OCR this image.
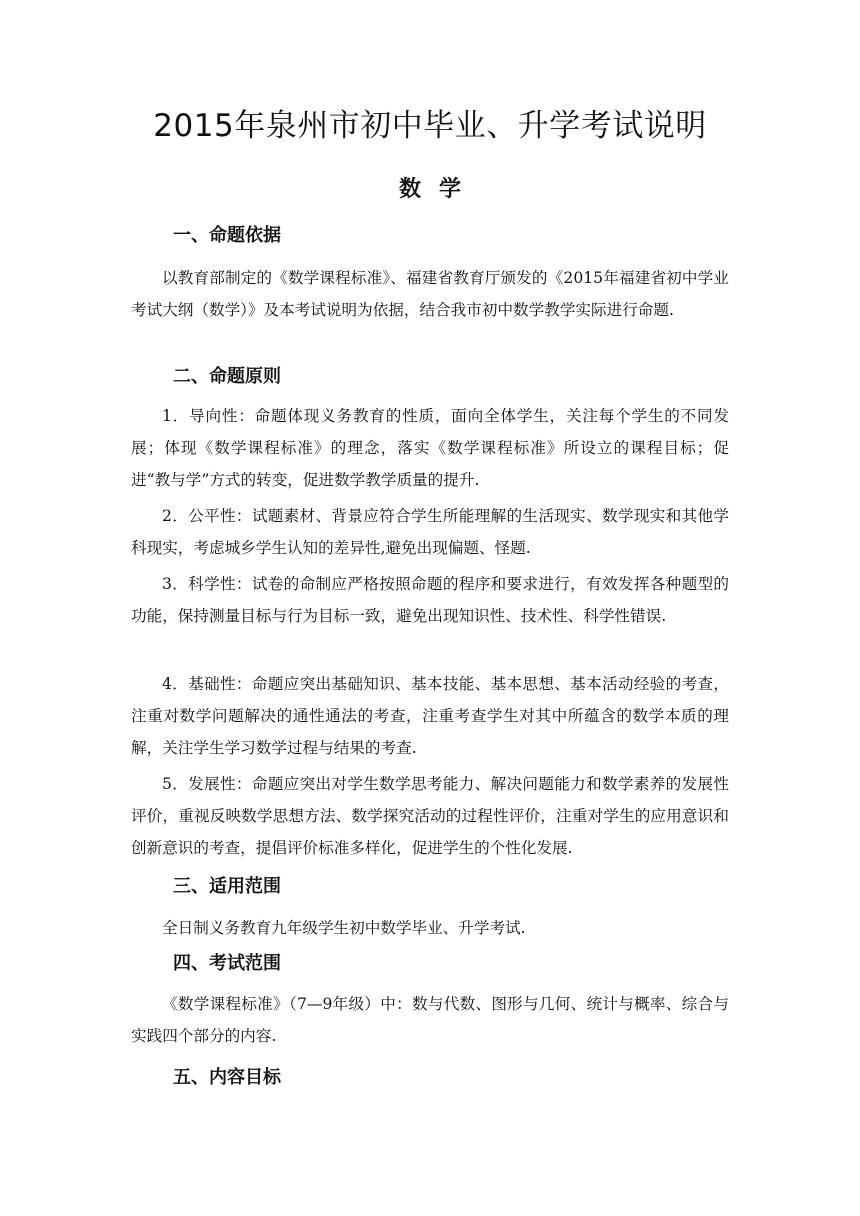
2015年泉州市初中毕业、升学考试说明
数学
一、命题依据

以教育部制定的《数学课程标准》、福建省教育厅颁发的《2015年福建省初中学业考试大纲（数学）》及本考试说明为依据，结合我市初中数学教学实际进行命题.

二、命题原则

1．导向性：命题体现义务教育的性质，面向全体学生，关注每个学生的不同发展；体现《数学课程标准》的理念，落实《数学课程标准》所设立的课程目标；促进“教与学”方式的转变，促进数学教学质量的提升.

2．公平性：试题素材、背景应符合学生所能理解的生活现实、数学现实和其他学科现实，考虑城乡学生认知的差异性,避免出现偏题、怪题.

3．科学性：试卷的命制应严格按照命题的程序和要求进行，有效发挥各种题型的功能，保持测量目标与行为目标一致，避免出现知识性、技术性、科学性错误.

4．基础性：命题应突出基础知识、基本技能、基本思想、基本活动经验的考查，注重对数学问题解决的通性通法的考查，注重考查学生对其中所蕴含的数学本质的理解，关注学生学习数学过程与结果的考查.

5．发展性：命题应突出对学生数学思考能力、解决问题能力和数学素养的发展性评价，重视反映数学思想方法、数学探究活动的过程性评价，注重对学生的应用意识和创新意识的考查，提倡评价标准多样化，促进学生的个性化发展.

三、适用范围

全日制义务教育九年级学生初中数学毕业、升学考试.

四、考试范围

《数学课程标准》（7—9年级）中：数与代数、图形与几何、统计与概率、综合与实践四个部分的内容.

五、内容目标
